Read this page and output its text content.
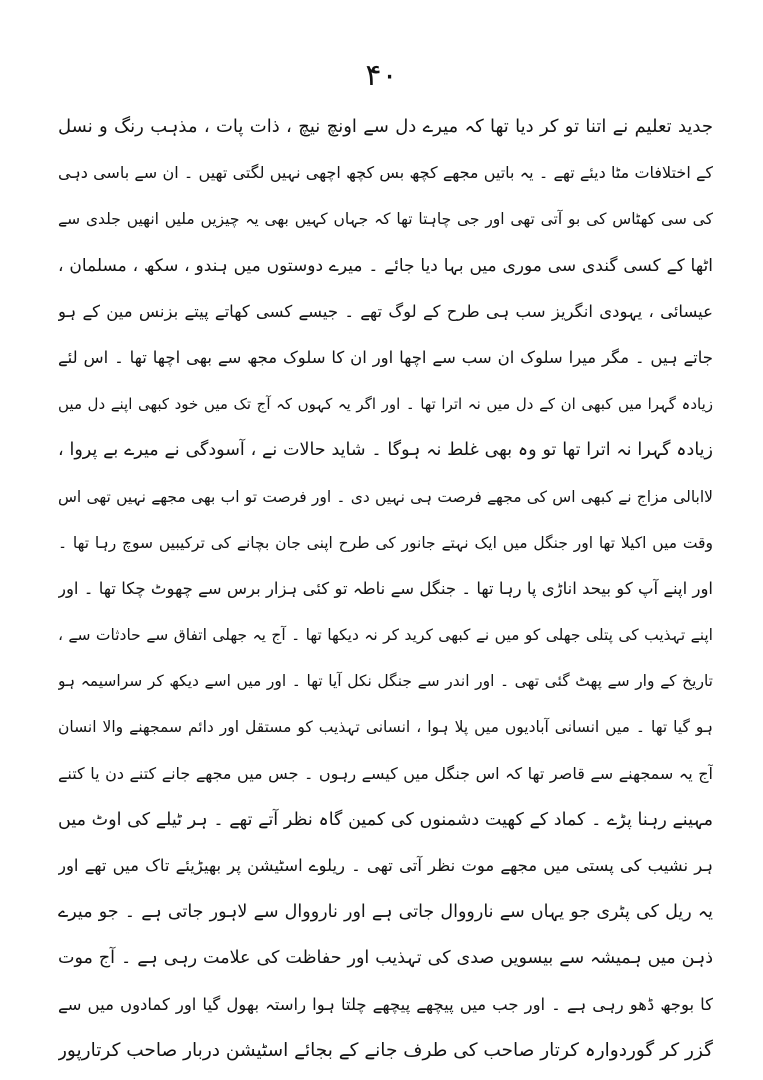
۴۰
جدید تعلیم نے اتنا تو کر دیا تھا کہ میرے دل سے اونچ نیچ ، ذات پات ، مذہب رنگ و نسل
کے اختلافات مٹا دیئے تھے ۔ یہ باتیں مجھے کچھ بس کچھ اچھی نہیں لگتی تھیں ۔ ان سے باسی دہی
کی سی کھٹاس کی بو آتی تھی اور جی چاہتا تھا کہ جہاں کہیں بھی یہ چیزیں ملیں انھیں جلدی سے
اٹھا کے کسی گندی سی موری میں بہا دیا جائے ۔ میرے دوستوں میں ہندو ، سکھ ، مسلمان ،
عیسائی ، یہودی انگریز سب ہی طرح کے لوگ تھے ۔ جیسے کسی کھاتے پیتے بزنس مین کے ہو
جاتے ہیں ۔ مگر میرا سلوک ان سب سے اچھا اور ان کا سلوک مجھ سے بھی اچھا تھا ۔ اس لئے
زیادہ گہرا میں کبھی ان کے دل میں نہ اترا تھا ۔ اور اگر یہ کہوں کہ آج تک میں خود کبھی اپنے دل میں
زیادہ گہرا نہ اترا تھا تو وہ بھی غلط نہ ہوگا ۔ شاید حالات نے ، آسودگی نے میرے بے پروا ،
لاابالی مزاج نے کبھی اس کی مجھے فرصت ہی نہیں دی ۔ اور فرصت تو اب بھی مجھے نہیں تھی اس
وقت میں اکیلا تھا اور جنگل میں ایک نہتے جانور کی طرح اپنی جان بچانے کی ترکیبیں سوچ رہا تھا ۔
اور اپنے آپ کو بیحد اناڑی پا رہا تھا ۔ جنگل سے ناطہ تو کئی ہزار برس سے چھوٹ چکا تھا ۔ اور
اپنے تہذیب کی پتلی جھلی کو میں نے کبھی کرید کر نہ دیکھا تھا ۔ آج یہ جھلی اتفاق سے حادثات سے ،
تاریخ کے وار سے پھٹ گئی تھی ۔ اور اندر سے جنگل نکل آیا تھا ۔ اور میں اسے دیکھ کر سراسیمہ ہو
ہو گیا تھا ۔ میں انسانی آبادیوں میں پلا ہوا ، انسانی تہذیب کو مستقل اور دائم سمجھنے والا انسان
آج یہ سمجھنے سے قاصر تھا کہ اس جنگل میں کیسے رہوں ۔ جس میں مجھے جانے کتنے دن یا کتنے
مہینے رہنا پڑے ۔ کماد کے کھیت دشمنوں کی کمین گاہ نظر آتے تھے ۔ ہر ٹیلے کی اوٹ میں
ہر نشیب کی پستی میں مجھے موت نظر آتی تھی ۔ ریلوے اسٹیشن پر بھیڑیئے تاک میں تھے اور
یہ ریل کی پٹری جو یہاں سے نارووال جاتی ہے اور نارووال سے لاہور جاتی ہے ۔ جو میرے
ذہن میں ہمیشہ سے بیسویں صدی کی تہذیب اور حفاظت کی علامت رہی ہے ۔ آج موت
کا بوجھ ڈھو رہی ہے ۔ اور جب میں پیچھے پیچھے چلتا ہوا راستہ بھول گیا اور کمادوں میں سے
گزر کر گوردوارہ کرتار صاحب کی طرف جانے کے بجائے اسٹیشن دربار صاحب کرتارپور
